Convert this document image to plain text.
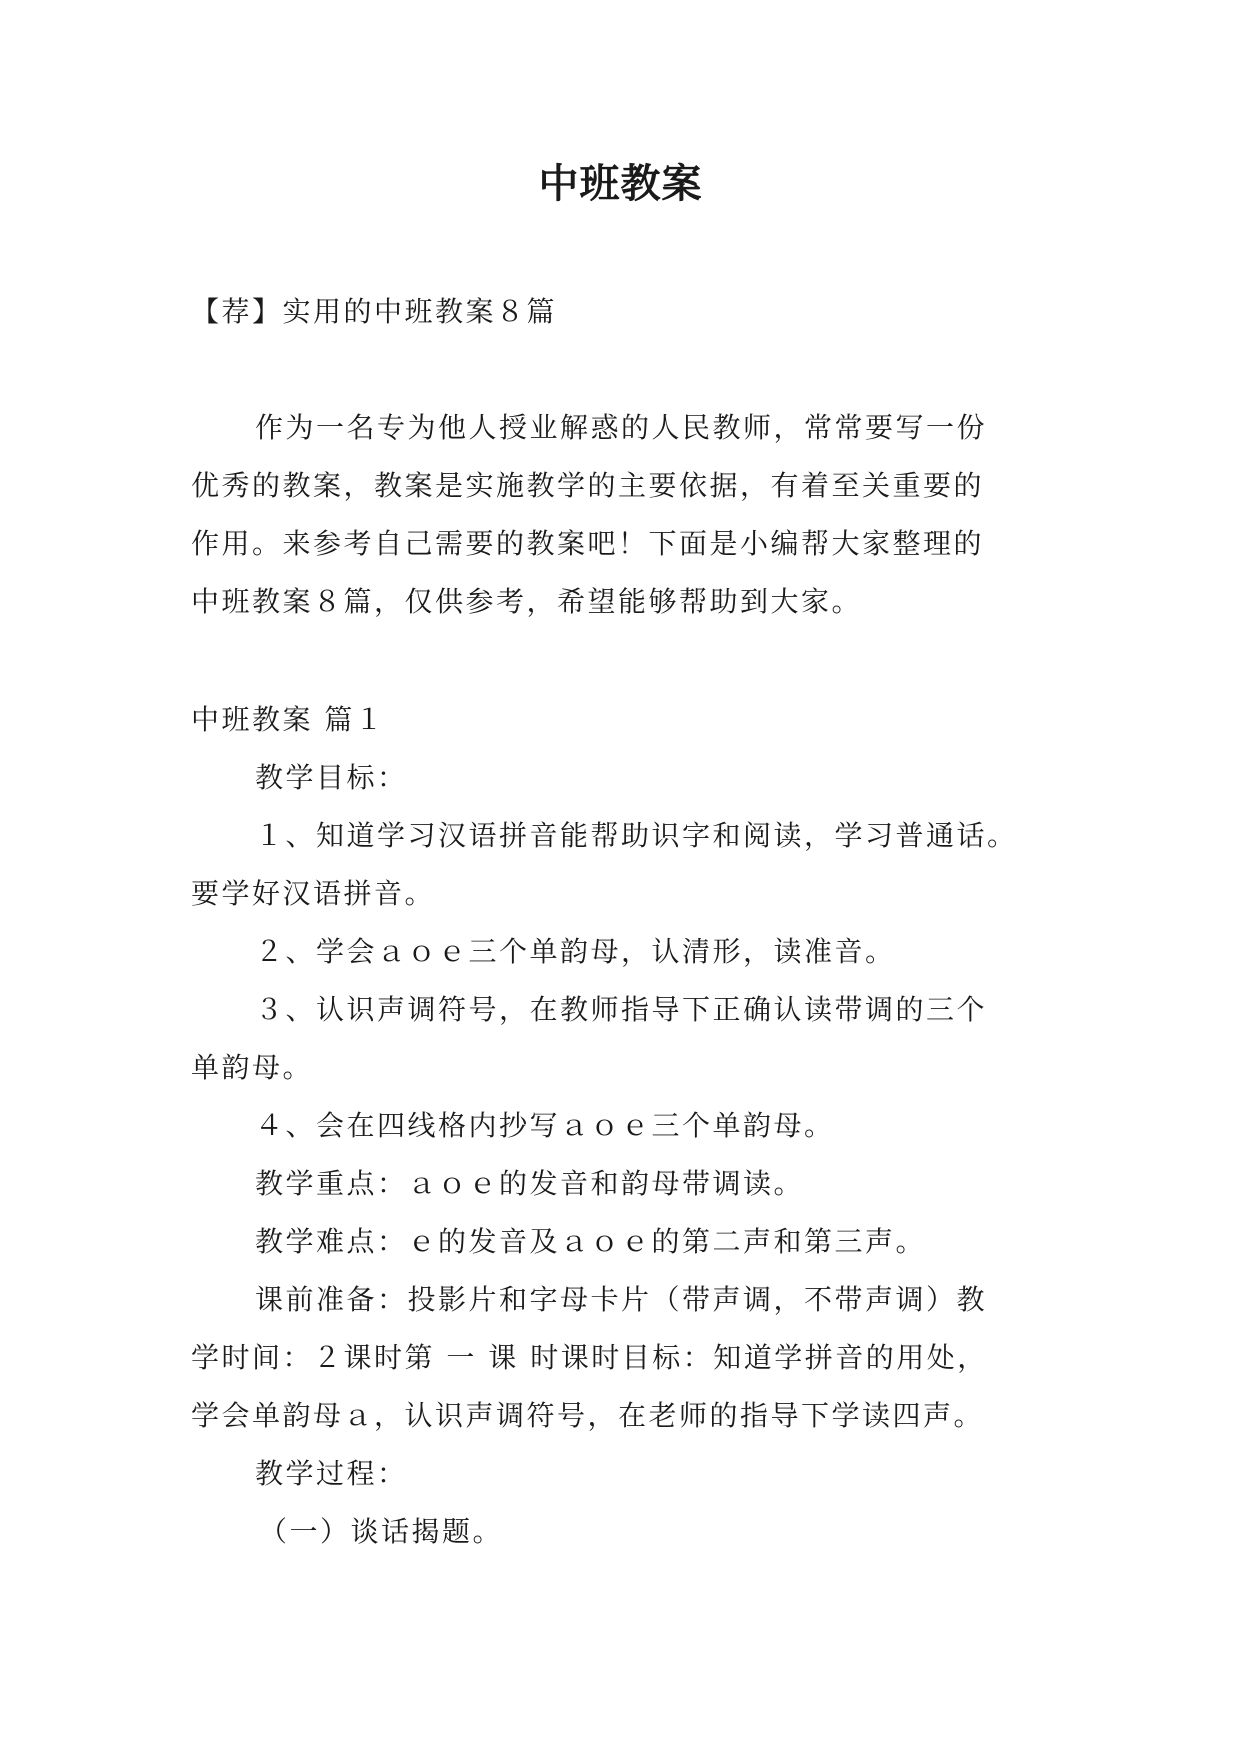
中班教案
【荐】实用的中班教案８篇
作为一名专为他人授业解惑的人民教师，常常要写一份
优秀的教案，教案是实施教学的主要依据，有着至关重要的
作用。来参考自己需要的教案吧！下面是小编帮大家整理的
中班教案８篇，仅供参考，希望能够帮助到大家。
中班教案 篇１
教学目标：
１、知道学习汉语拼音能帮助识字和阅读，学习普通话。
要学好汉语拼音。
２、学会ａｏｅ三个单韵母，认清形，读准音。
３、认识声调符号，在教师指导下正确认读带调的三个
单韵母。
４、会在四线格内抄写ａｏｅ三个单韵母。
教学重点：ａｏｅ的发音和韵母带调读。
教学难点：ｅ的发音及ａｏｅ的第二声和第三声。
课前准备：投影片和字母卡片（带声调，不带声调）教
学时间：２课时第 一 课 时课时目标：知道学拼音的用处，
学会单韵母ａ，认识声调符号，在老师的指导下学读四声。
教学过程：
（一）谈话揭题。
